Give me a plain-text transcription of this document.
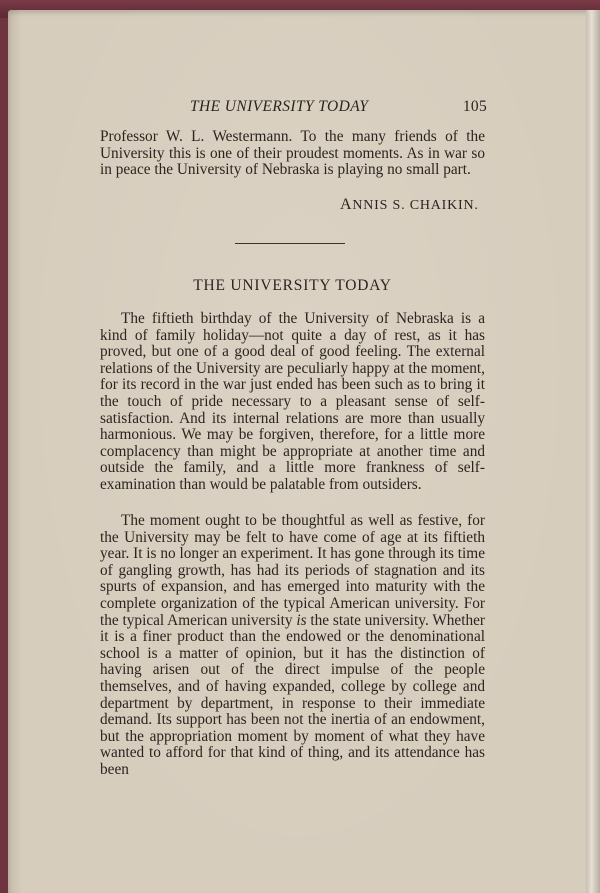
THE UNIVERSITY TODAY	105
Professor W. L. Westermann. To the many friends of the University this is one of their proudest moments. As in war so in peace the University of Nebraska is playing no small part.
ANNIS S. CHAIKIN.
THE UNIVERSITY TODAY
The fiftieth birthday of the University of Nebraska is a kind of family holiday—not quite a day of rest, as it has proved, but one of a good deal of good feeling. The external relations of the University are peculiarly happy at the moment, for its record in the war just ended has been such as to bring it the touch of pride necessary to a pleasant sense of self-satisfaction. And its internal relations are more than usually harmonious. We may be forgiven, therefore, for a little more complacency than might be appropriate at another time and outside the family, and a little more frankness of self-examination than would be palatable from outsiders.
The moment ought to be thoughtful as well as festive, for the University may be felt to have come of age at its fiftieth year. It is no longer an experiment. It has gone through its time of gangling growth, has had its periods of stagnation and its spurts of expansion, and has emerged into maturity with the complete organization of the typical American university. For the typical American university is the state university. Whether it is a finer product than the endowed or the denominational school is a matter of opinion, but it has the distinction of having arisen out of the direct impulse of the people themselves, and of having expanded, college by college and department by department, in response to their immediate demand. Its support has been not the inertia of an endowment, but the appropriation moment by moment of what they have wanted to afford for that kind of thing, and its attendance has been
